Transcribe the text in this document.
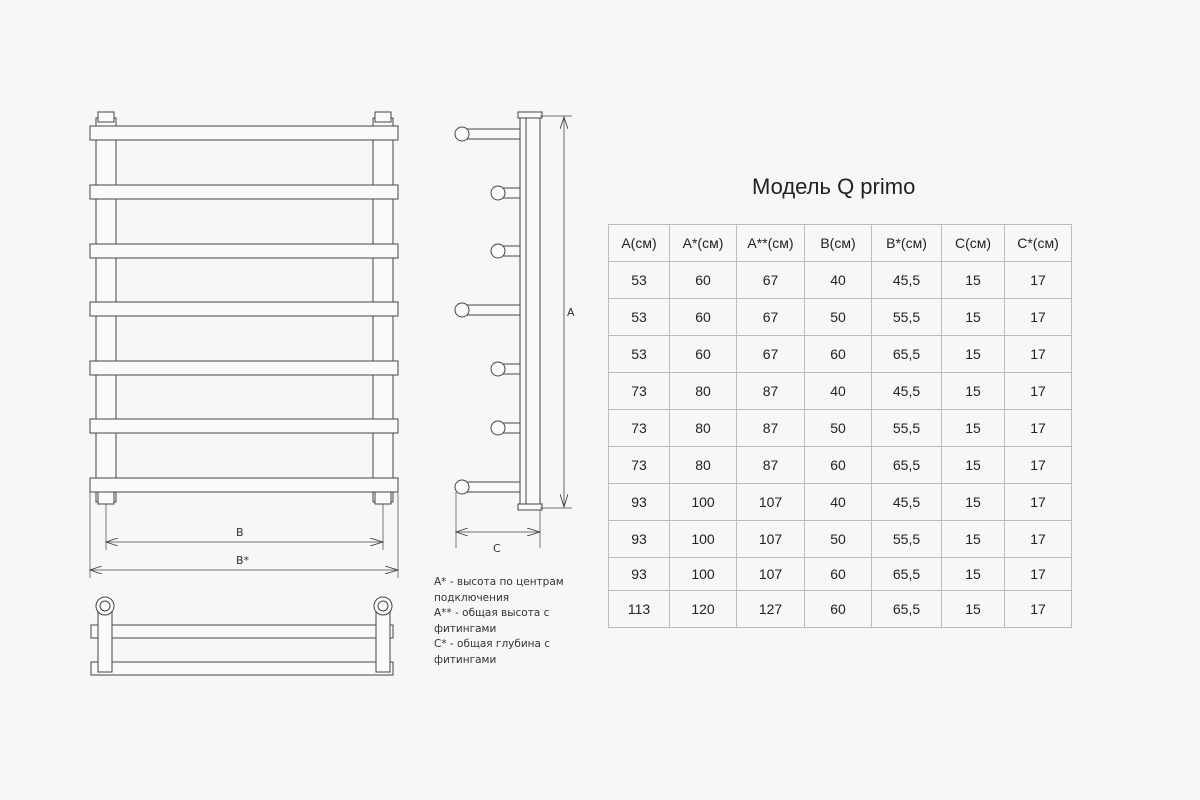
B
B*
A
C
Модель Q primo
A(см)	A*(см)	A**(см)	B(см)	B*(см)	C(см)	C*(см)
53	60	67	40	45,5	15	17
53	60	67	50	55,5	15	17
53	60	67	60	65,5	15	17
73	80	87	40	45,5	15	17
73	80	87	50	55,5	15	17
73	80	87	60	65,5	15	17
93	100	107	40	45,5	15	17
93	100	107	50	55,5	15	17
93	100	107	60	65,5	15	17
113	120	127	60	65,5	15	17
A* - высота по центрам подключения
A** - общая высота с фитингами
C* - общая глубина с фитингами
